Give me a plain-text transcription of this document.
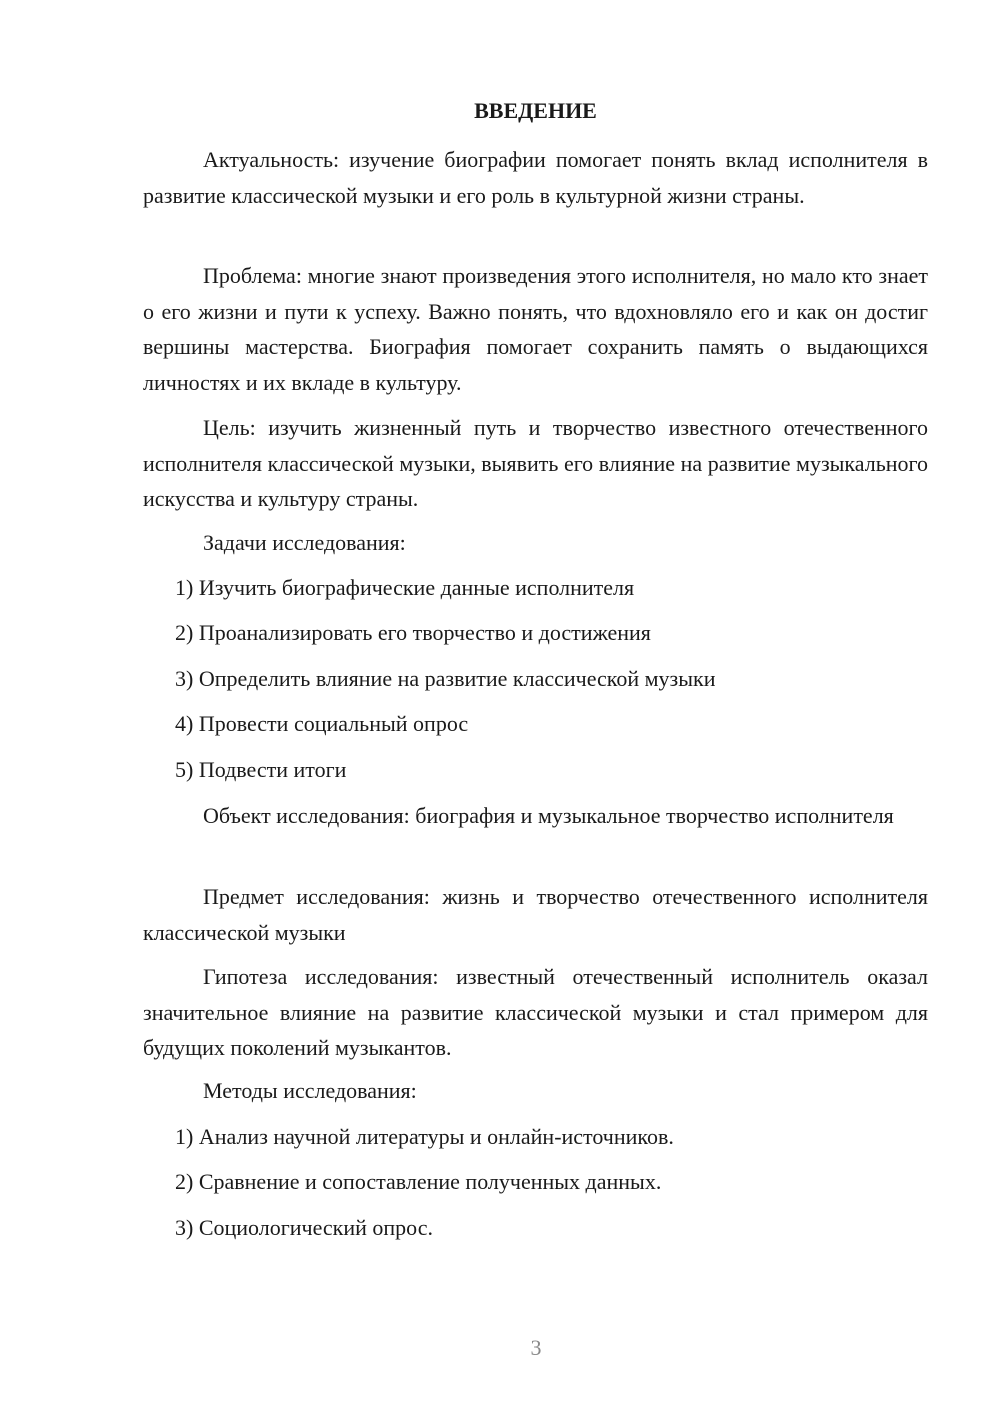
ВВЕДЕНИЕ

Актуальность: изучение биографии помогает понять вклад исполнителя в развитие классической музыки и его роль в культурной жизни страны.

Проблема: многие знают произведения этого исполнителя, но мало кто знает о его жизни и пути к успеху. Важно понять, что вдохновляло его и как он достиг вершины мастерства. Биография помогает сохранить память о выдающихся личностях и их вкладе в культуру.

Цель: изучить жизненный путь и творчество известного отечественного исполнителя классической музыки, выявить его влияние на развитие музыкального искусства и культуру страны.

Задачи исследования:

1) Изучить биографические данные исполнителя

2) Проанализировать его творчество и достижения

3) Определить влияние на развитие классической музыки

4) Провести социальный опрос

5) Подвести итоги

Объект исследования: биография и музыкальное творчество исполнителя

Предмет исследования: жизнь и творчество отечественного исполнителя классической музыки

Гипотеза исследования: известный отечественный исполнитель оказал значительное влияние на развитие классической музыки и стал примером для будущих поколений музыкантов.

Методы исследования:

1) Анализ научной литературы и онлайн-источников.

2) Сравнение и сопоставление полученных данных.

3) Социологический опрос.

3
